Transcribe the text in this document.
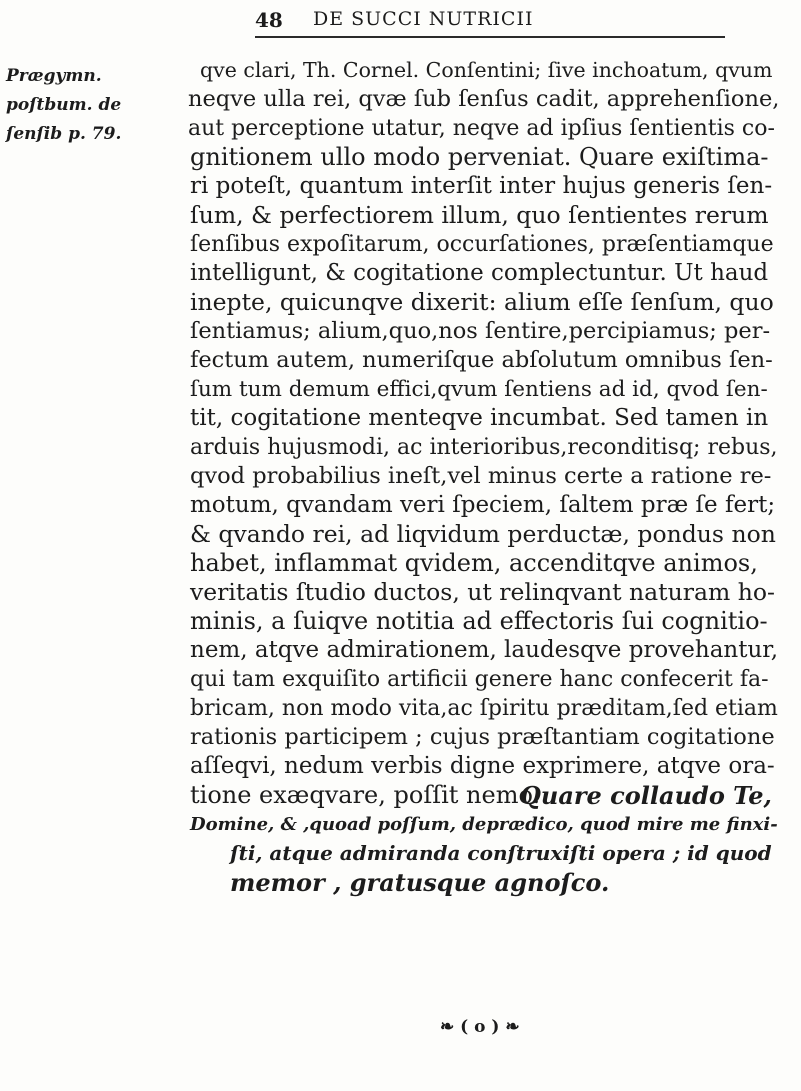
48 DE SUCCI NUTRICII
Prægymn.
poſtbum. de
ſenſib p. 79.
qve clari, Th. Cornel. Conſentini; ſive inchoatum, qvum
neqve ulla rei, qvæ ſub ſenſus cadit, apprehenſione,
aut perceptione utatur, neqve ad ipſius ſentientis co-
gnitionem ullo modo perveniat. Quare exiſtima-
ri poteſt, quantum interſit inter hujus generis ſen-
ſum, & perfectiorem illum, quo ſentientes rerum
ſenſibus expoſitarum, occurſationes, præſentiamque
intelligunt, & cogitatione complectuntur. Ut haud
inepte, quicunqve dixerit: alium eſſe ſenſum, quo
ſentiamus; alium,quo,nos ſentire,percipiamus; per-
fectum autem, numeriſque abſolutum omnibus ſen-
ſum tum demum effici,qvum ſentiens ad id, qvod ſen-
tit, cogitatione menteqve incumbat. Sed tamen in
arduis hujusmodi, ac interioribus,reconditisq; rebus,
qvod probabilius ineſt,vel minus certe a ratione re-
motum, qvandam veri ſpeciem, ſaltem præ ſe fert;
& qvando rei, ad liqvidum perductæ, pondus non
habet, inflammat qvidem, accenditqve animos,
veritatis ſtudio ductos, ut relinqvant naturam ho-
minis, a ſuiqve notitia ad effectoris ſui cognitio-
nem, atqve admirationem, laudesqve provehantur,
qui tam exquiſito artificii genere hanc confecerit fa-
bricam, non modo vita,ac ſpiritu præditam,ſed etiam
rationis participem ; cujus præſtantiam cogitatione
aſſeqvi, nedum verbis digne exprimere, atqve ora-
tione exæqvare, poſſit nemo.
Quare collaudo Te,
Domine, & ,quoad poſſum, deprædico, quod mire me finxi-
ſti, atque admiranda conſtruxiſti opera ; id quod
memor , gratusque agnoſco.
❧ ( o ) ❧
